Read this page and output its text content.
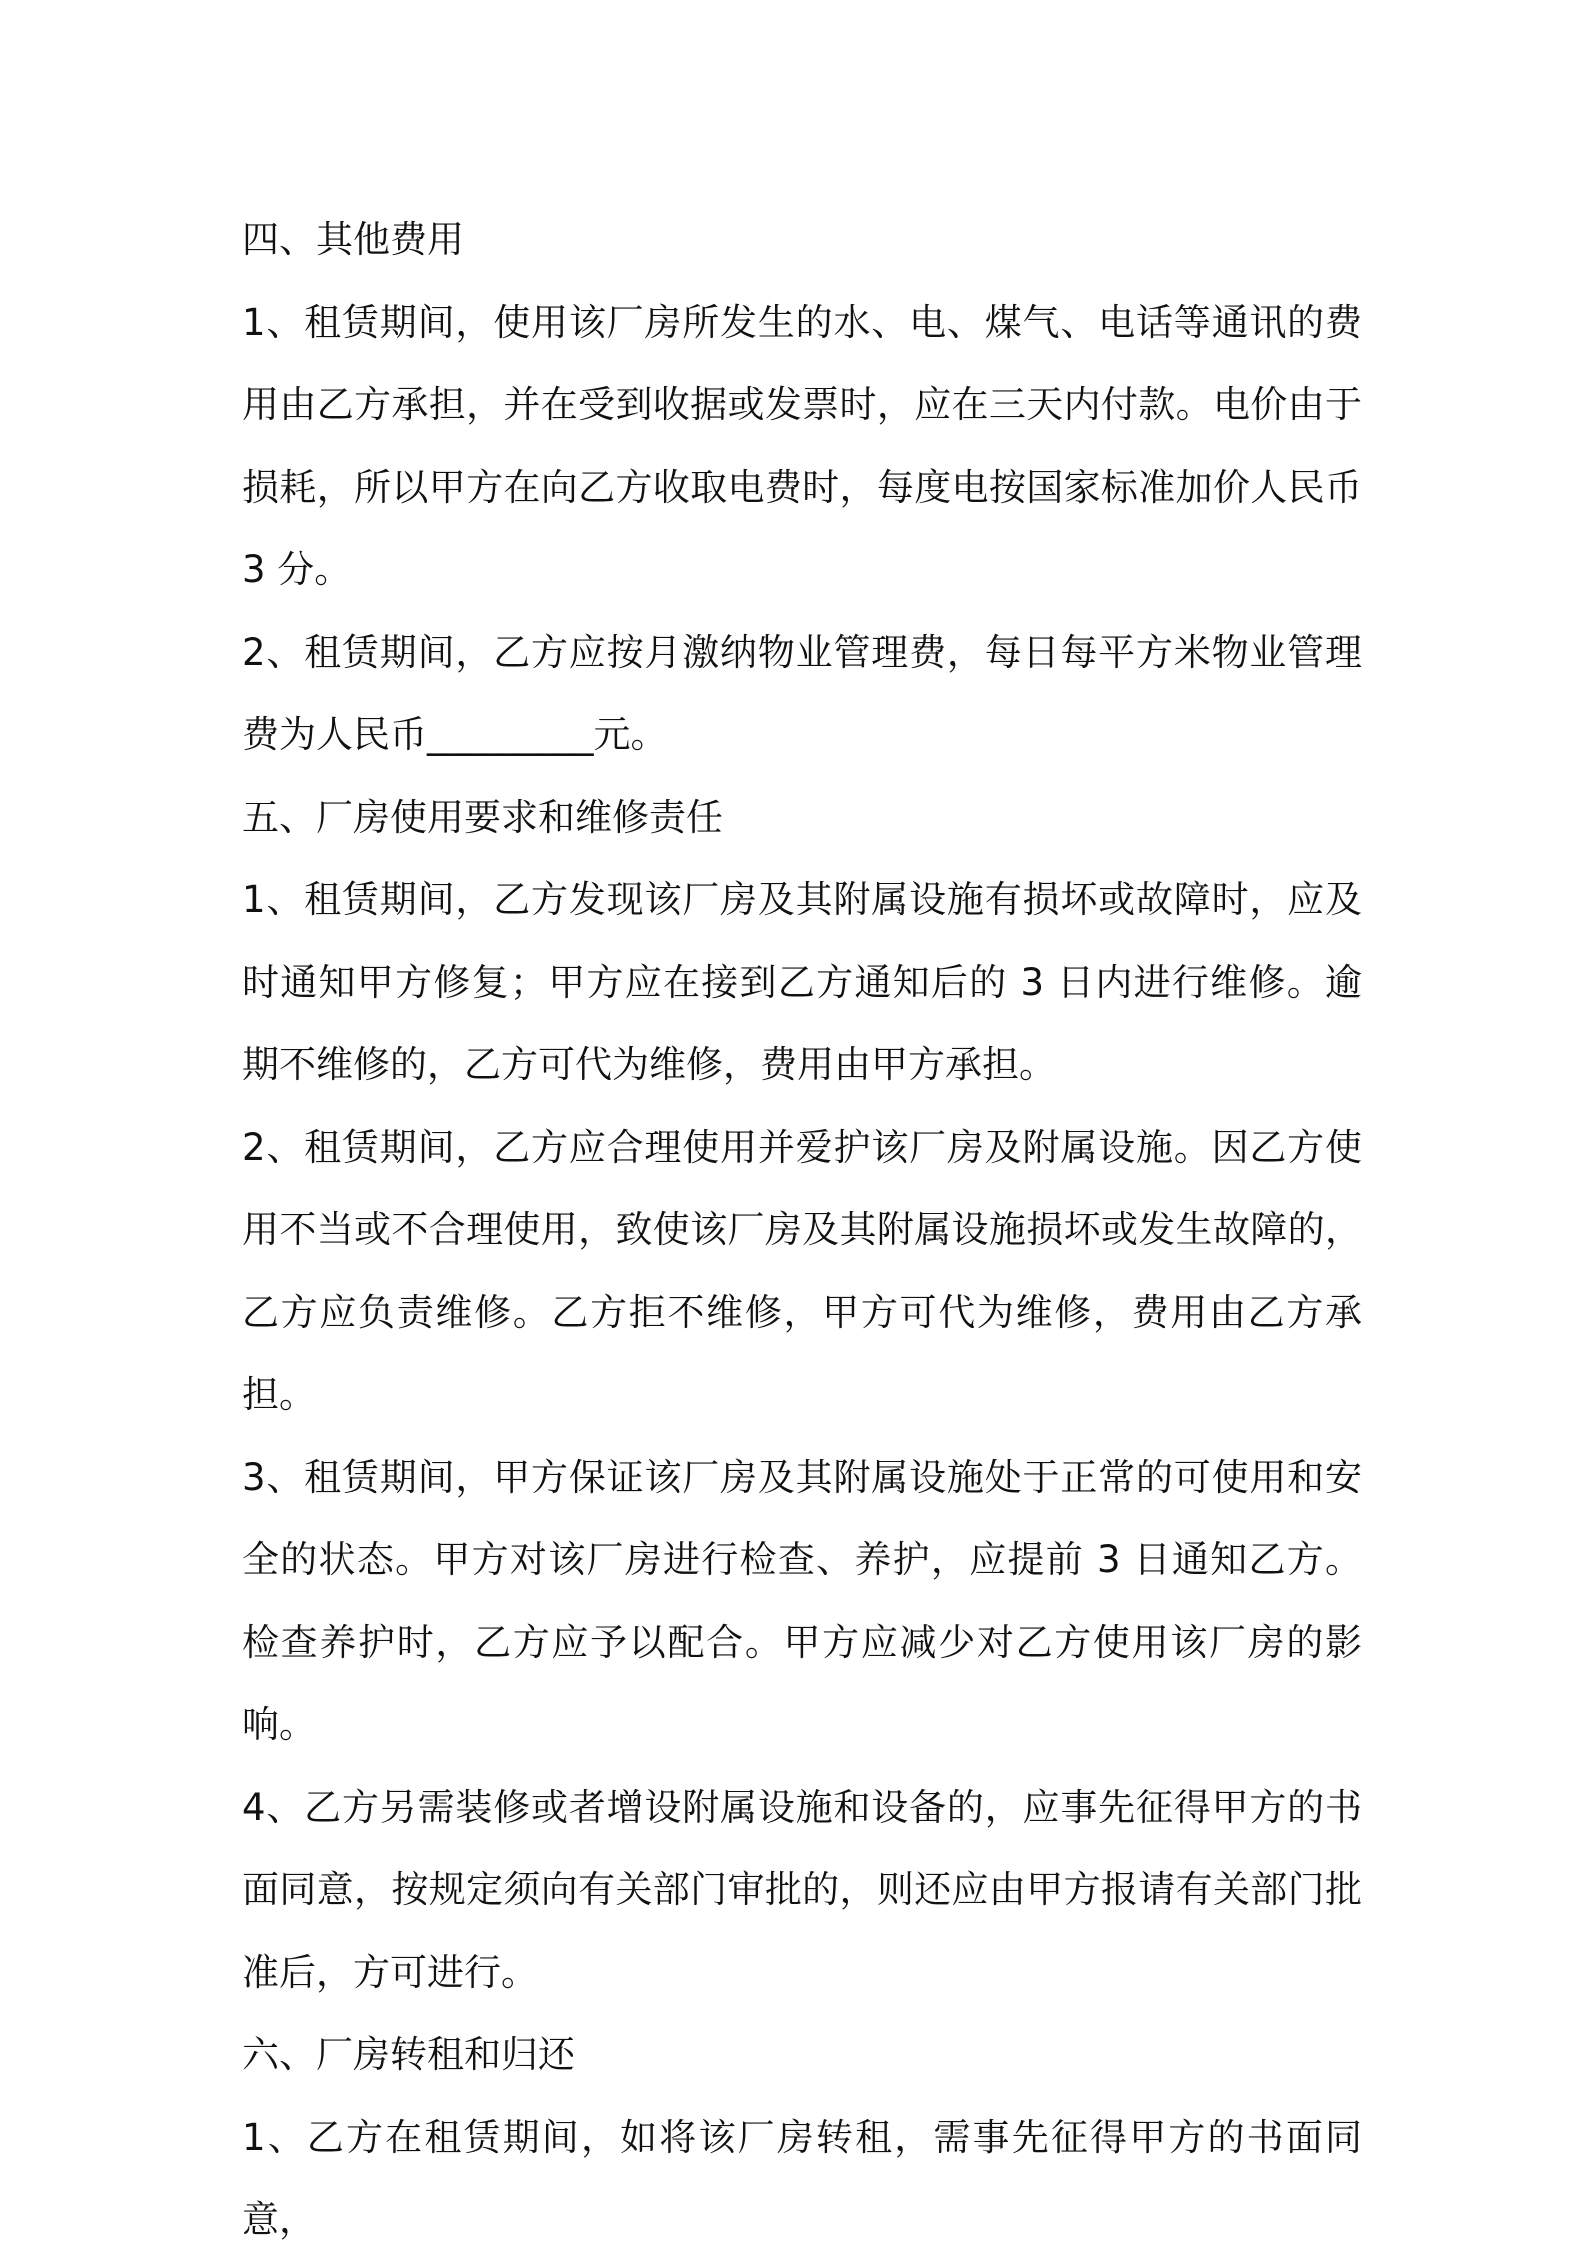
四、其他费用

1、租赁期间，使用该厂房所发生的水、电、煤气、电话等通讯的费用由乙方承担，并在受到收据或发票时，应在三天内付款。电价由于损耗，所以甲方在向乙方收取电费时，每度电按国家标准加价人民币3 分。

2、租赁期间，乙方应按月激纳物业管理费，每日每平方米物业管理费为人民币_________元。

五、厂房使用要求和维修责任

1、租赁期间，乙方发现该厂房及其附属设施有损坏或故障时，应及时通知甲方修复；甲方应在接到乙方通知后的 3 日内进行维修。逾期不维修的，乙方可代为维修，费用由甲方承担。

2、租赁期间，乙方应合理使用并爱护该厂房及附属设施。因乙方使用不当或不合理使用，致使该厂房及其附属设施损坏或发生故障的，乙方应负责维修。乙方拒不维修，甲方可代为维修，费用由乙方承担。

3、租赁期间，甲方保证该厂房及其附属设施处于正常的可使用和安全的状态。甲方对该厂房进行检查、养护，应提前 3 日通知乙方。检查养护时，乙方应予以配合。甲方应减少对乙方使用该厂房的影响。

4、乙方另需装修或者增设附属设施和设备的，应事先征得甲方的书面同意，按规定须向有关部门审批的，则还应由甲方报请有关部门批准后，方可进行。

六、厂房转租和归还

1、乙方在租赁期间，如将该厂房转租，需事先征得甲方的书面同意，
